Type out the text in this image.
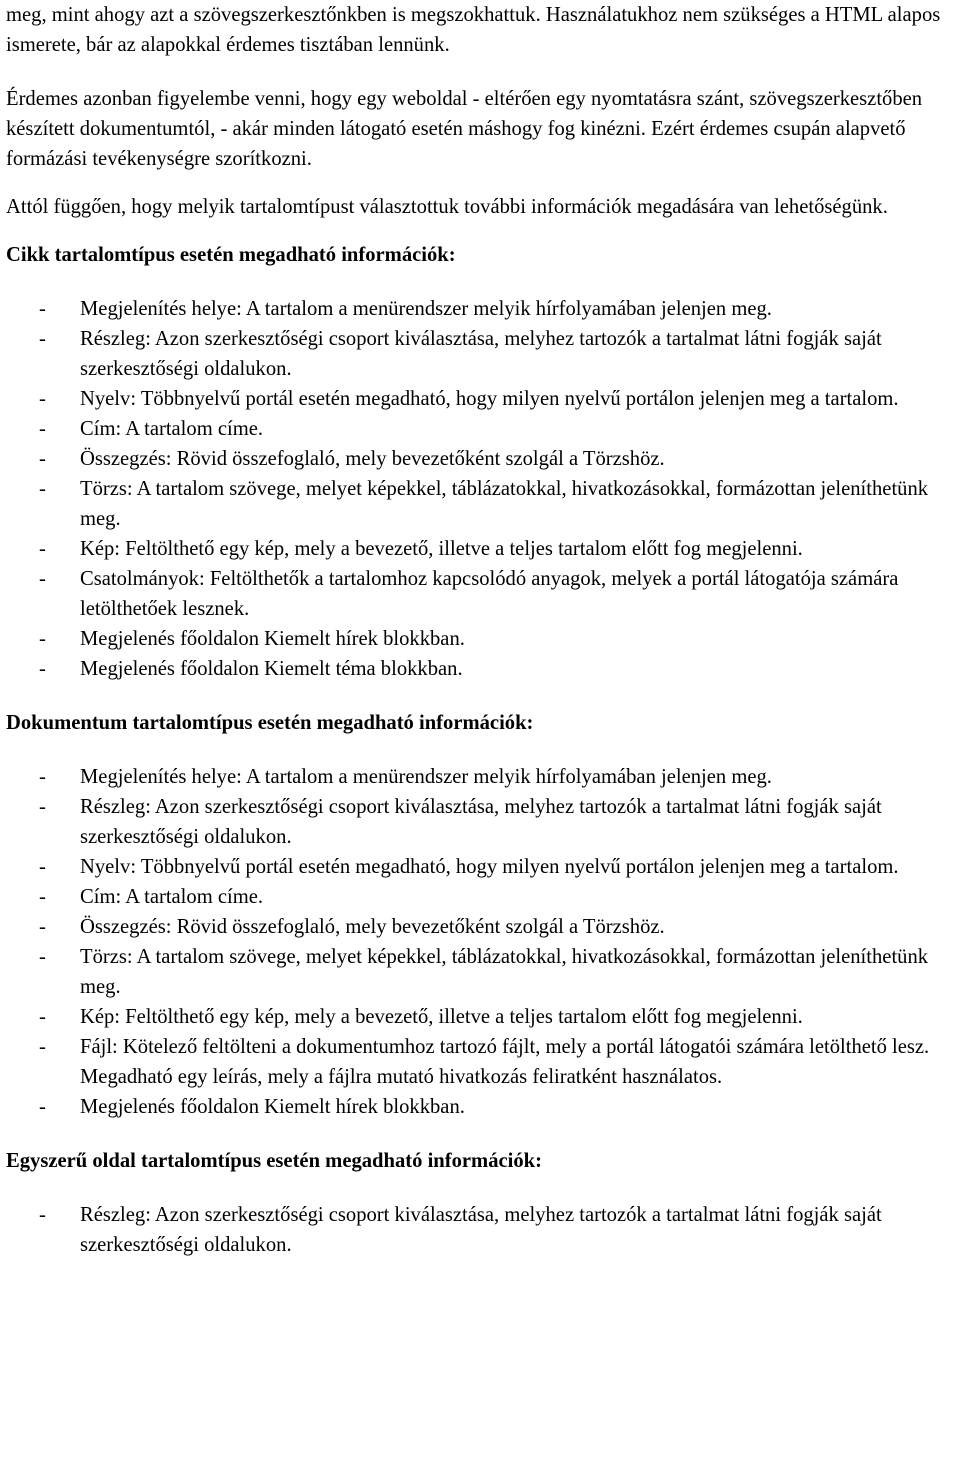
meg, mint ahogy azt a szövegszerkesztőnkben is megszokhattuk. Használatukhoz nem szükséges a HTML alapos ismerete, bár az alapokkal érdemes tisztában lennünk.

Érdemes azonban figyelembe venni, hogy egy weboldal - eltérően egy nyomtatásra szánt, szövegszerkesztőben készített dokumentumtól, - akár minden látogató esetén máshogy fog kinézni. Ezért érdemes csupán alapvető formázási tevékenységre szorítkozni.

Attól függően, hogy melyik tartalomtípust választottuk további információk megadására van lehetőségünk.

Cikk tartalomtípus esetén megadható információk:
- Megjelenítés helye: A tartalom a menürendszer melyik hírfolyamában jelenjen meg.
- Részleg: Azon szerkesztőségi csoport kiválasztása, melyhez tartozók a tartalmat látni fogják saját szerkesztőségi oldalukon.
- Nyelv: Többnyelvű portál esetén megadható, hogy milyen nyelvű portálon jelenjen meg a tartalom.
- Cím: A tartalom címe.
- Összegzés: Rövid összefoglaló, mely bevezetőként szolgál a Törzshöz.
- Törzs: A tartalom szövege, melyet képekkel, táblázatokkal, hivatkozásokkal, formázottan jeleníthetünk meg.
- Kép: Feltölthető egy kép, mely a bevezető, illetve a teljes tartalom előtt fog megjelenni.
- Csatolmányok: Feltölthetők a tartalomhoz kapcsolódó anyagok, melyek a portál látogatója számára letölthetőek lesznek.
- Megjelenés főoldalon Kiemelt hírek blokkban.
- Megjelenés főoldalon Kiemelt téma blokkban.
Dokumentum tartalomtípus esetén megadható információk:
- Megjelenítés helye: A tartalom a menürendszer melyik hírfolyamában jelenjen meg.
- Részleg: Azon szerkesztőségi csoport kiválasztása, melyhez tartozók a tartalmat látni fogják saját szerkesztőségi oldalukon.
- Nyelv: Többnyelvű portál esetén megadható, hogy milyen nyelvű portálon jelenjen meg a tartalom.
- Cím: A tartalom címe.
- Összegzés: Rövid összefoglaló, mely bevezetőként szolgál a Törzshöz.
- Törzs: A tartalom szövege, melyet képekkel, táblázatokkal, hivatkozásokkal, formázottan jeleníthetünk meg.
- Kép: Feltölthető egy kép, mely a bevezető, illetve a teljes tartalom előtt fog megjelenni.
- Fájl: Kötelező feltölteni a dokumentumhoz tartozó fájlt, mely a portál látogatói számára letölthető lesz. Megadható egy leírás, mely a fájlra mutató hivatkozás feliratként használatos.
- Megjelenés főoldalon Kiemelt hírek blokkban.
Egyszerű oldal tartalomtípus esetén megadható információk:
- Részleg: Azon szerkesztőségi csoport kiválasztása, melyhez tartozók a tartalmat látni fogják saját szerkesztőségi oldalukon.
